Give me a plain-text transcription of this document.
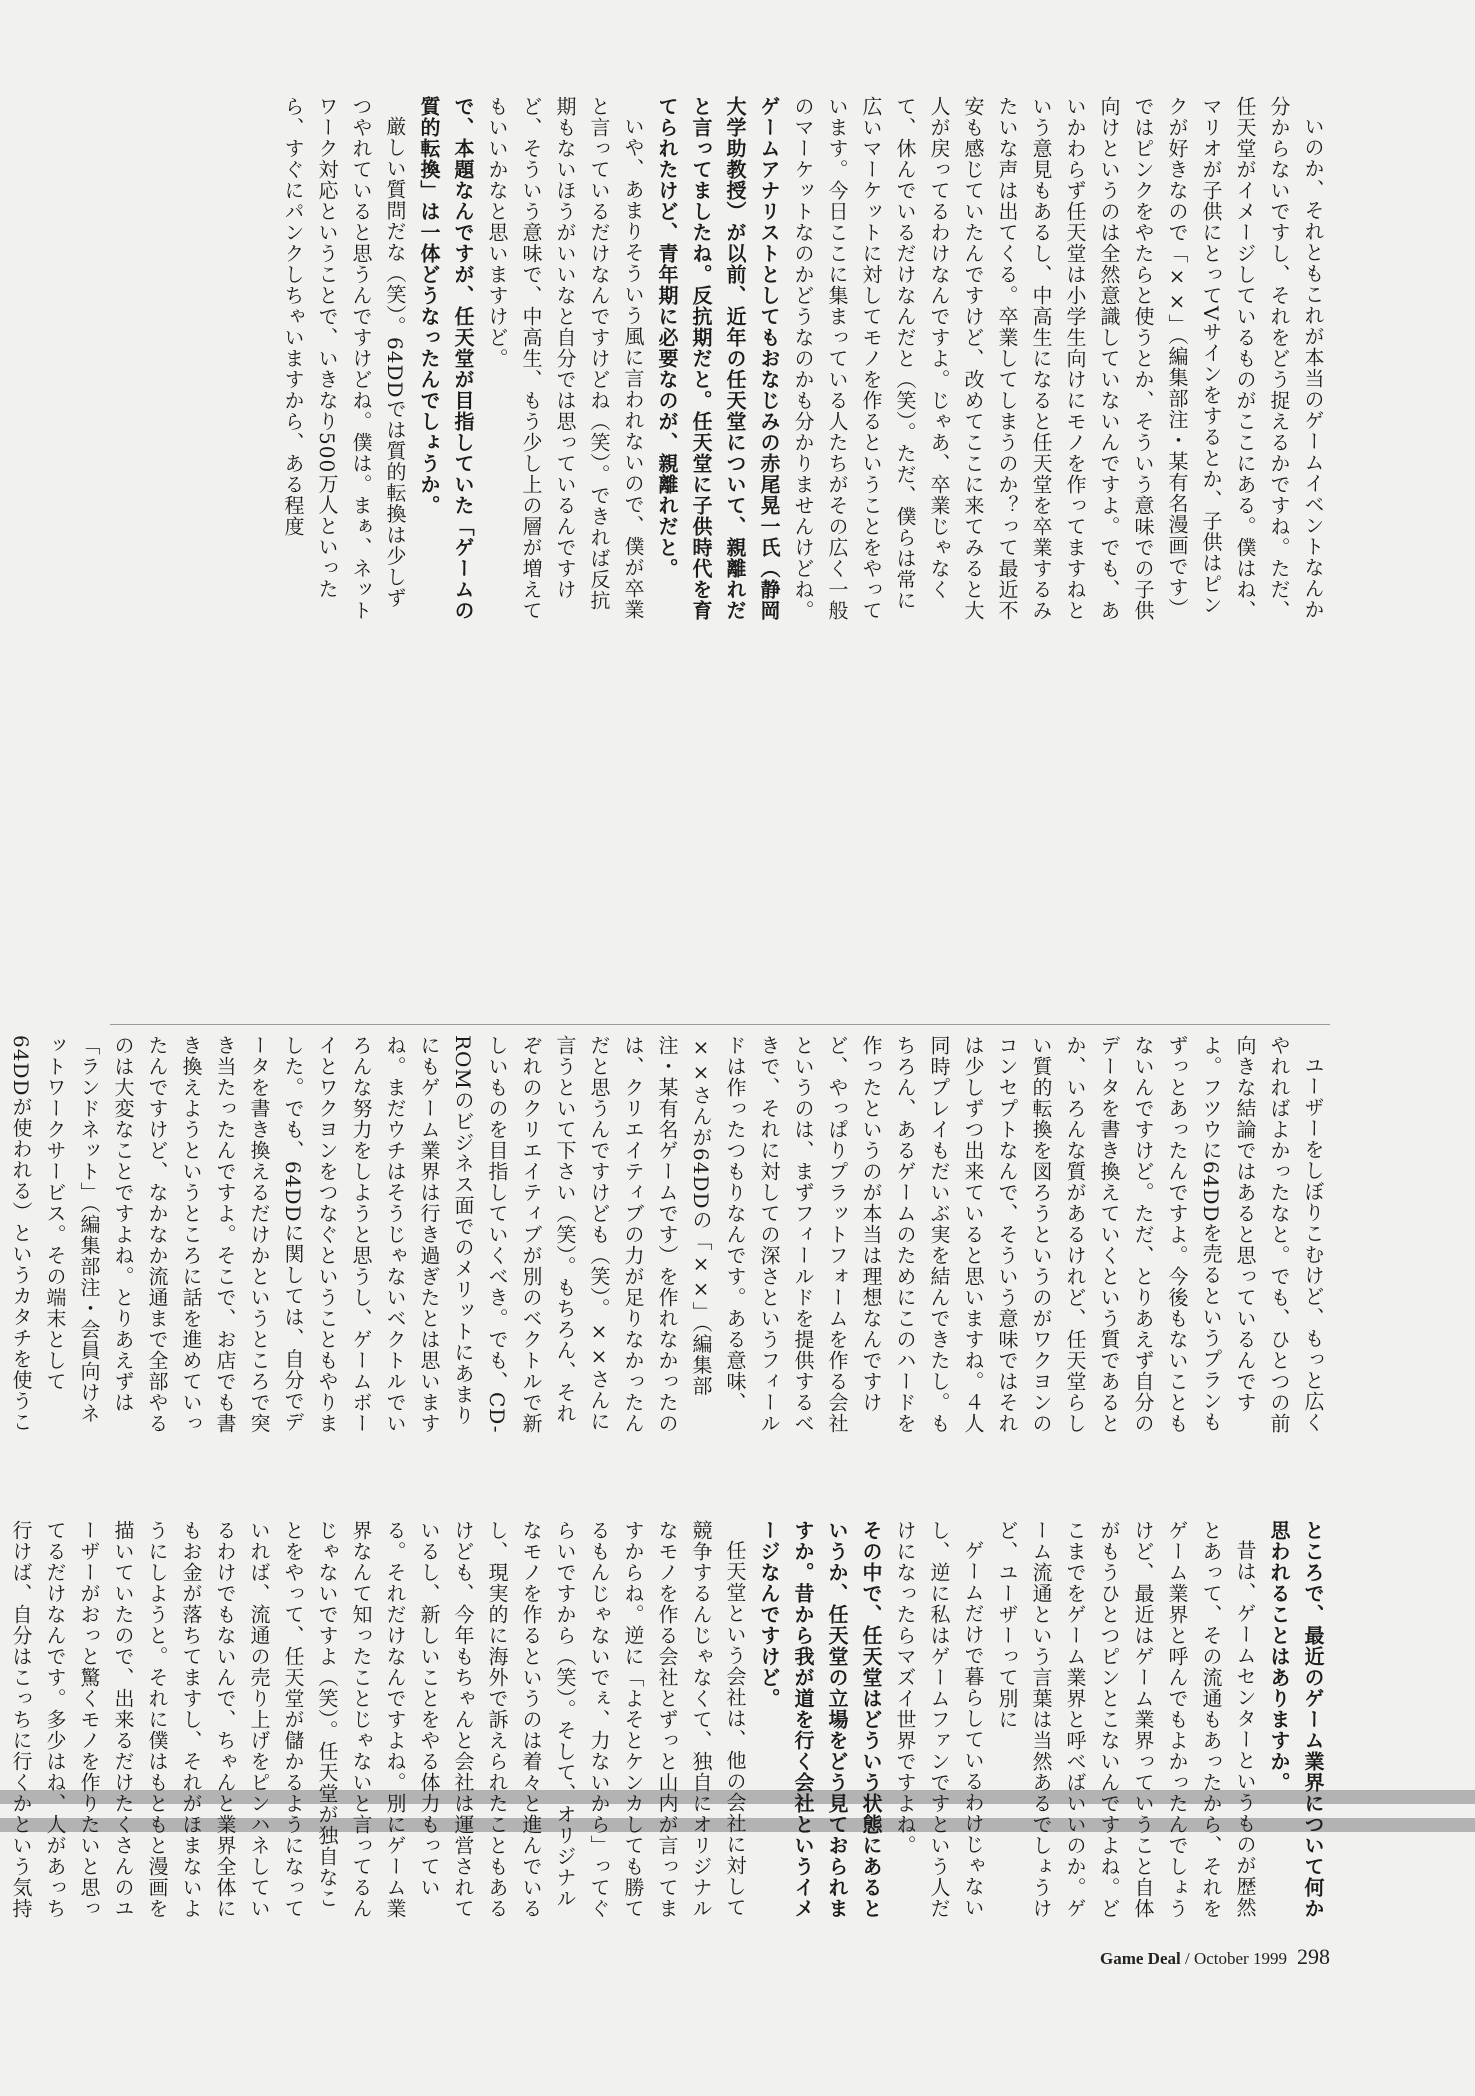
いのか、それともこれが本当のゲームイベントなんか分からないですし、それをどう捉えるかですね。ただ、任天堂がイメージしているものがここにある。僕はね、マリオが子供にとってVサインをするとか、子供はピンクが好きなので「××」（編集部注・某有名漫画です）ではピンクをやたらと使うとか、そういう意味での子供向けというのは全然意識していないんですよ。でも、あいかわらず任天堂は小学生向けにモノを作ってますねという意見もあるし、中高生になると任天堂を卒業するみたいな声は出てくる。卒業してしまうのか？って最近不安も感じていたんですけど、改めてここに来てみると大人が戻ってるわけなんですよ。じゃあ、卒業じゃなくて、休んでいるだけなんだと（笑）。ただ、僕らは常に広いマーケットに対してモノを作るということをやっています。今日ここに集まっている人たちがその広く一般のマーケットなのかどうなのかも分かりませんけどね。

ゲームアナリストとしてもおなじみの赤尾晃一氏（静岡大学助教授）が以前、近年の任天堂について、親離れだと言ってましたね。反抗期だと。任天堂に子供時代を育てられたけど、青年期に必要なのが、親離れだと。

いや、あまりそういう風に言われないので、僕が卒業と言っているだけなんですけどね（笑）。できれば反抗期もないほうがいいなと自分では思っているんですけど、そういう意味で、中高生、もう少し上の層が増えてもいいかなと思いますけど。

で、本題なんですが、任天堂が目指していた「ゲームの質的転換」は一体どうなったんでしょうか。

厳しい質問だな（笑）。64DDでは質的転換は少しずつやれていると思うんですけどね。僕は。まぁ、ネットワーク対応ということで、いきなり500万人といったら、すぐにパンクしちゃいますから、ある程度

ユーザーをしぼりこむけど、もっと広くやれればよかったなと。でも、ひとつの前向きな結論ではあると思っているんですよ。フツウに64DDを売るというプランもずっとあったんですよ。今後もないこともないんですけど。ただ、とりあえず自分のデータを書き換えていくという質であるとか、いろんな質があるけれど、任天堂らしい質的転換を図ろうというのがワクヨンのコンセプトなんで、そういう意味ではそれは少しずつ出来ていると思いますね。４人同時プレイもだいぶ実を結んできたし。もちろん、あるゲームのためにこのハードを作ったというのが本当は理想なんですけど、やっぱりプラットフォームを作る会社というのは、まずフィールドを提供するべきで、それに対しての深さというフィールドは作ったつもりなんです。ある意味、××さんが64DDの「××」（編集部注・某有名ゲームです）を作れなかったのは、クリエイティブの力が足りなかったんだと思うんですけども（笑）。××さんに言うといて下さい（笑）。もちろん、それぞれのクリエイティブが別のベクトルで新しいものを目指していくべき。でも、CD-ROMのビジネス面でのメリットにあまりにもゲーム業界は行き過ぎたとは思いますね。まだウチはそうじゃないベクトルでいろんな努力をしようと思うし、ゲームボーイとワクヨンをつなぐということもやりました。でも、64DDに関しては、自分でデータを書き換えるだけかというところで突き当たったんですよ。そこで、お店でも書き換えようというところに話を進めていったんですけど、なかなか流通まで全部やるのは大変なことですよね。とりあえずは「ランドネット」（編集部注・会員向けネットワークサービス。その端末として64DDが使われる）というカタチを使うこ

ところで、最近のゲーム業界について何か思われることはありますか。

昔は、ゲームセンターというものが歴然とあって、その流通もあったから、それをゲーム業界と呼んでもよかったんでしょうけど、最近はゲーム業界っていうこと自体がもうひとつピンとこないんですよね。どこまでをゲーム業界と呼べばいいのか。ゲーム流通という言葉は当然あるでしょうけど、ユーザーって別に

ゲームだけで暮らしているわけじゃないし、逆に私はゲームファンですという人だけになったらマズイ世界ですよね。

その中で、任天堂はどういう状態にあるというか、任天堂の立場をどう見ておられますか。昔から我が道を行く会社というイメージなんですけど。

任天堂という会社は、他の会社に対して競争するんじゃなくて、独自にオリジナルなモノを作る会社とずっと山内が言ってますからね。逆に「よそとケンカしても勝てるもんじゃないでぇ、力ないから」ってぐらいですから（笑）。そして、オリジナルなモノを作るというのは着々と進んでいるし、現実的に海外で訴えられたこともあるけども、今年もちゃんと会社は運営されているし、新しいことをやる体力もっている。それだけなんですよね。別にゲーム業界なんて知ったことじゃないと言ってるんじゃないですよ（笑）。任天堂が独自なことをやって、任天堂が儲かるようになっていれば、流通の売り上げをピンハネしているわけでもないんで、ちゃんと業界全体にもお金が落ちてますし、それがほまないようにしようと。それに僕はもともと漫画を描いていたので、出来るだけたくさんのユーザーがおっと驚くモノを作りたいと思ってるだけなんです。多少はね、人があっち行けば、自分はこっちに行くかという気持

Game Deal / October 1999 298
